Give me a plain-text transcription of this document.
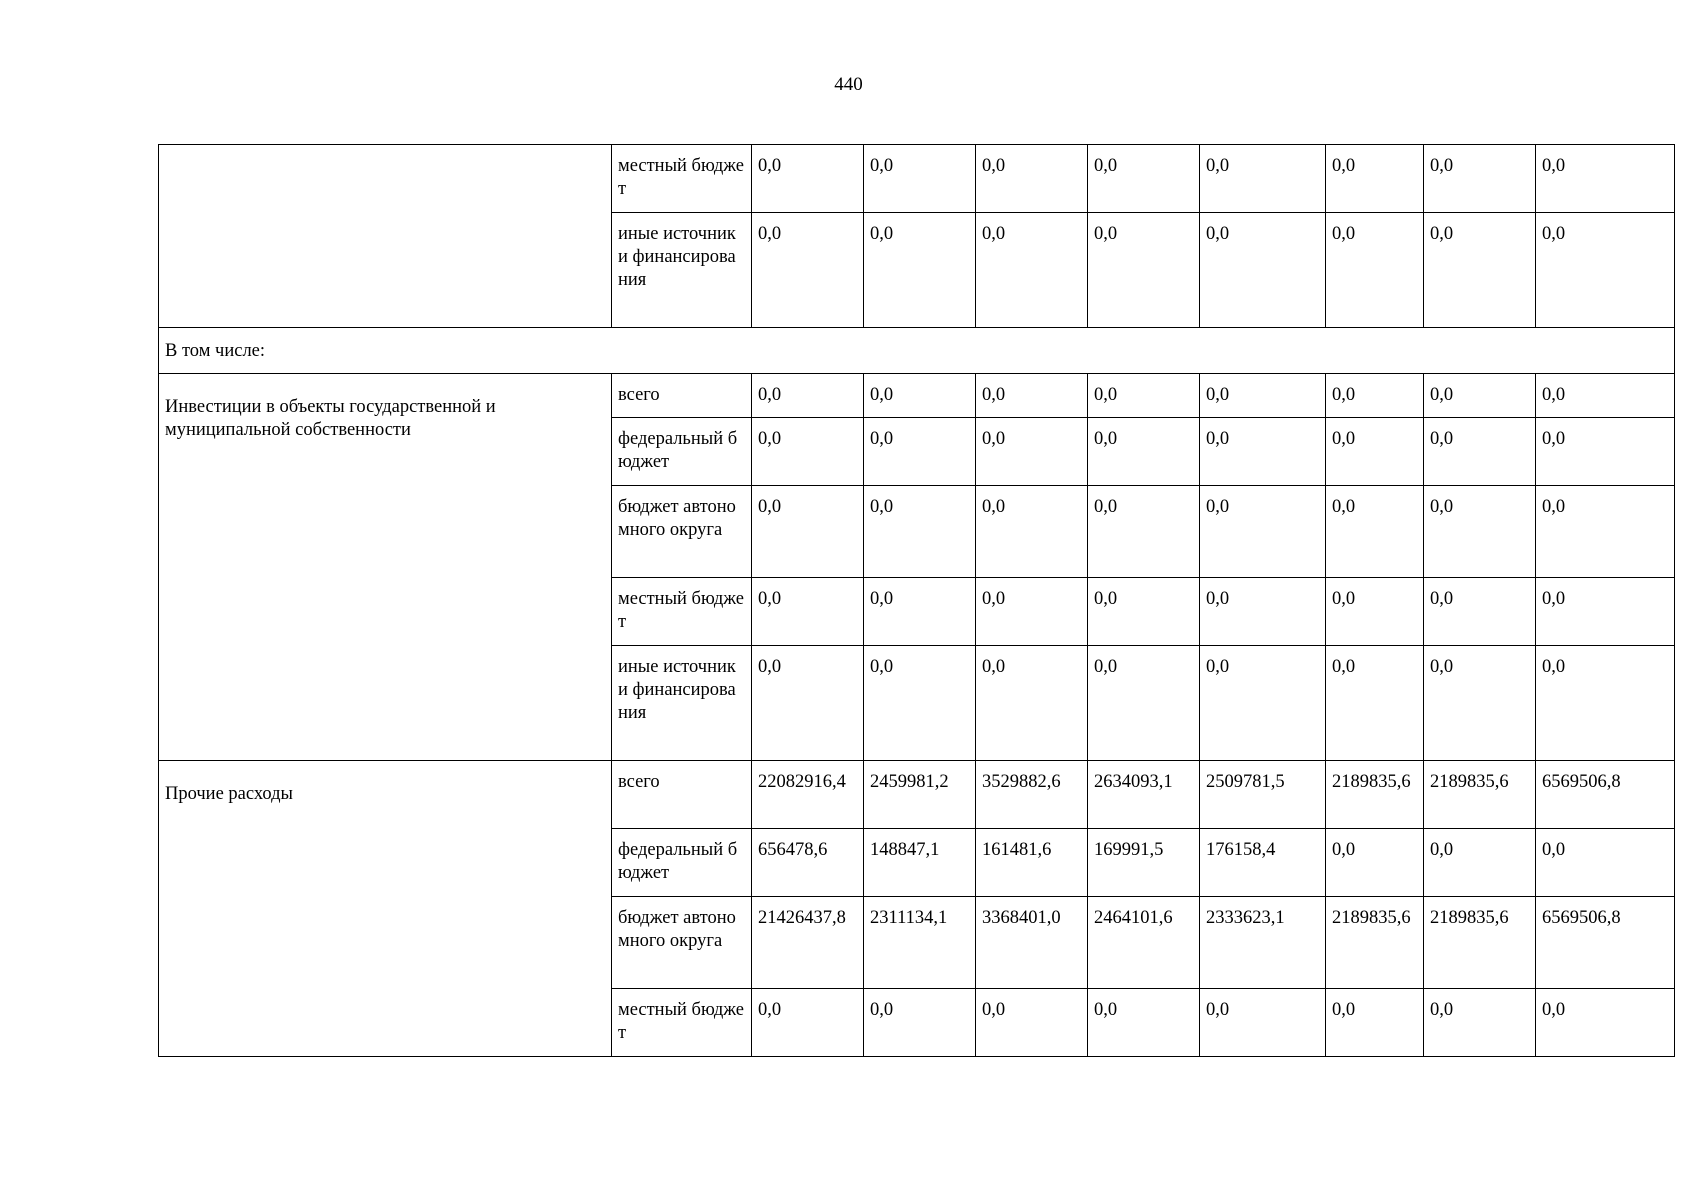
440
	местный бюджет	0,0	0,0	0,0	0,0	0,0	0,0	0,0	0,0
	иные источники финансирования	0,0	0,0	0,0	0,0	0,0	0,0	0,0	0,0
В том числе:									
Инвестиции в объекты государственной и муниципальной собственности	всего	0,0	0,0	0,0	0,0	0,0	0,0	0,0	0,0
	федеральный бюджет	0,0	0,0	0,0	0,0	0,0	0,0	0,0	0,0
	бюджет автономного округа	0,0	0,0	0,0	0,0	0,0	0,0	0,0	0,0
	местный бюджет	0,0	0,0	0,0	0,0	0,0	0,0	0,0	0,0
	иные источники финансирования	0,0	0,0	0,0	0,0	0,0	0,0	0,0	0,0
Прочие расходы	всего	22082916,4	2459981,2	3529882,6	2634093,1	2509781,5	2189835,6	2189835,6	6569506,8
	федеральный бюджет	656478,6	148847,1	161481,6	169991,5	176158,4	0,0	0,0	0,0
	бюджет автономного округа	21426437,8	2311134,1	3368401,0	2464101,6	2333623,1	2189835,6	2189835,6	6569506,8
	местный бюджет	0,0	0,0	0,0	0,0	0,0	0,0	0,0	0,0
